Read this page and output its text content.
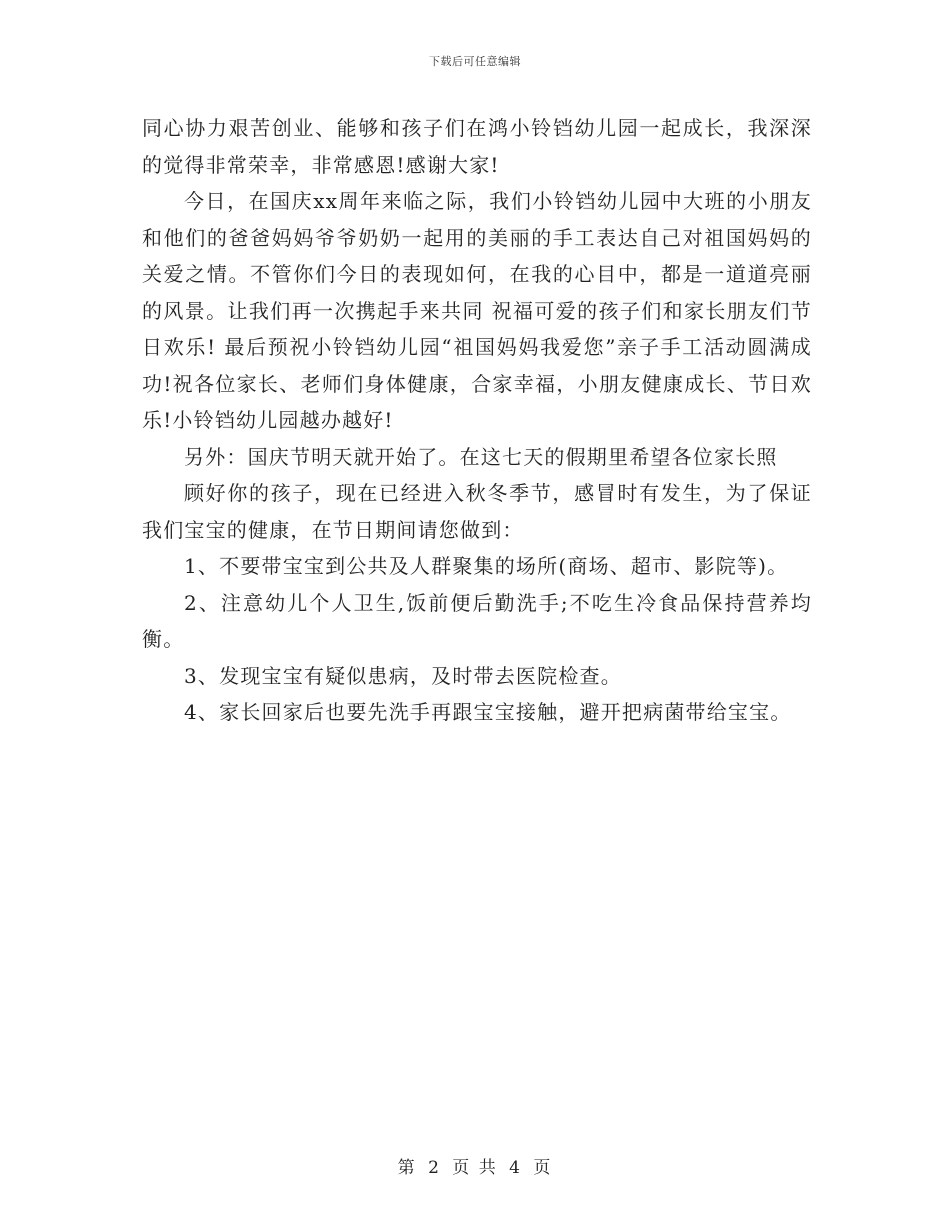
下载后可任意编辑

同心协力艰苦创业、能够和孩子们在鸿小铃铛幼儿园一起成长，我深深的觉得非常荣幸，非常感恩!感谢大家!

今日，在国庆xx周年来临之际，我们小铃铛幼儿园中大班的小朋友和他们的爸爸妈妈爷爷奶奶一起用的美丽的手工表达自己对祖国妈妈的关爱之情。不管你们今日的表现如何，在我的心目中，都是一道道亮丽的风景。让我们再一次携起手来共同 祝福可爱的孩子们和家长朋友们节日欢乐! 最后预祝小铃铛幼儿园“祖国妈妈我爱您”亲子手工活动圆满成功!祝各位家长、老师们身体健康，合家幸福，小朋友健康成长、节日欢乐!小铃铛幼儿园越办越好!

另外：国庆节明天就开始了。在这七天的假期里希望各位家长照

顾好你的孩子，现在已经进入秋冬季节，感冒时有发生，为了保证我们宝宝的健康，在节日期间请您做到：

1、不要带宝宝到公共及人群聚集的场所(商场、超市、影院等)。

2、注意幼儿个人卫生,饭前便后勤洗手;不吃生冷食品保持营养均衡。

3、发现宝宝有疑似患病，及时带去医院检查。

4、家长回家后也要先洗手再跟宝宝接触，避开把病菌带给宝宝。

第 2 页 共 4 页
